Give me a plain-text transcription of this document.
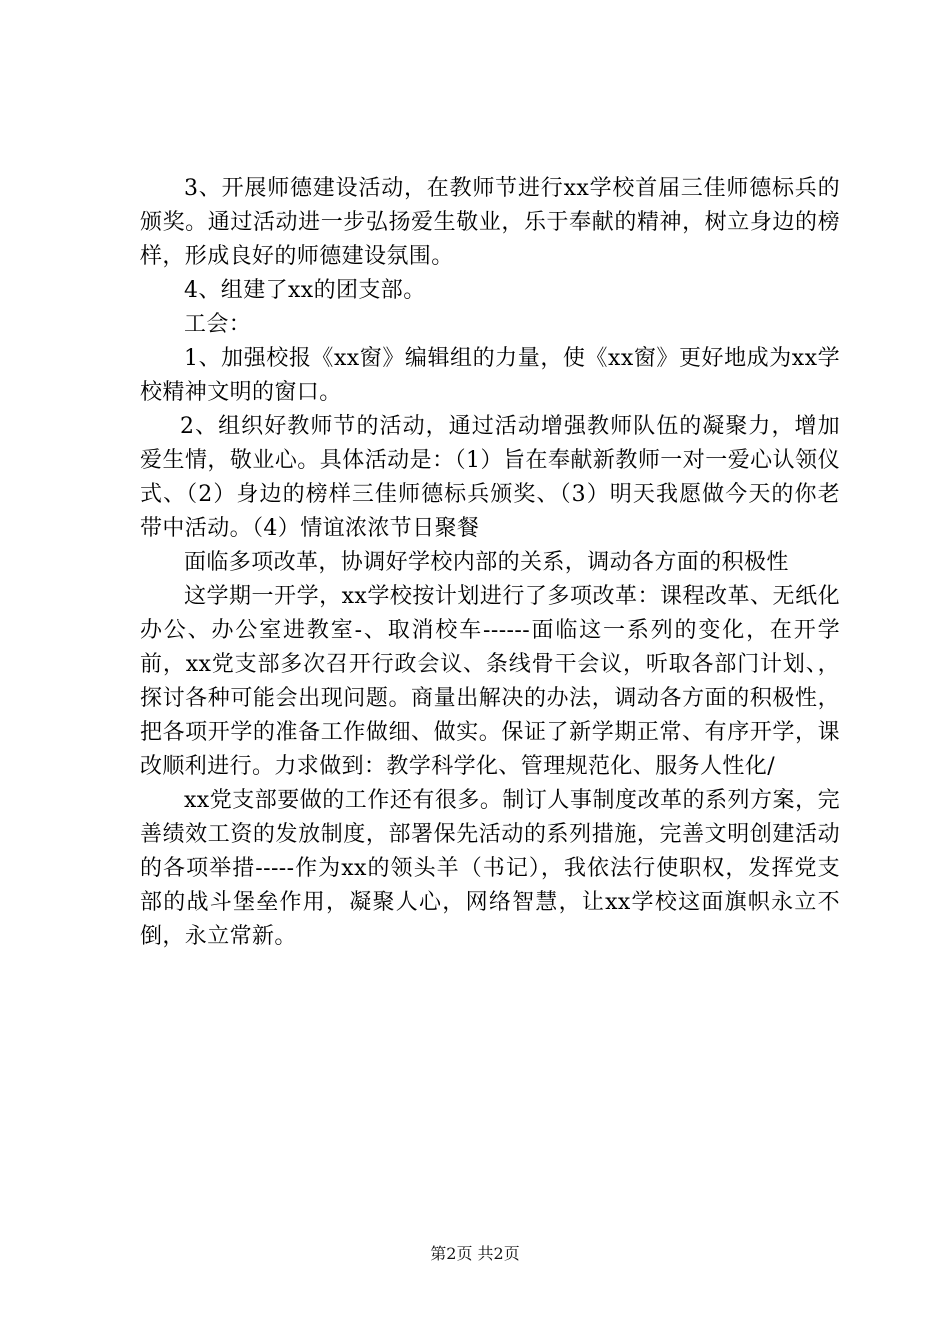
3、开展师德建设活动，在教师节进行xx学校首届三佳师德标兵的颁奖。通过活动进一步弘扬爱生敬业，乐于奉献的精神，树立身边的榜样，形成良好的师德建设氛围。

4、组建了xx的团支部。

工会：

1、加强校报《xx窗》编辑组的力量，使《xx窗》更好地成为xx学校精神文明的窗口。

2、组织好教师节的活动，通过活动增强教师队伍的凝聚力，增加爱生情，敬业心。具体活动是：（1）旨在奉献新教师一对一爱心认领仪式、（2）身边的榜样三佳师德标兵颁奖、（3）明天我愿做今天的你老带中活动。（4）情谊浓浓节日聚餐

面临多项改革，协调好学校内部的关系，调动各方面的积极性

这学期一开学，xx学校按计划进行了多项改革：课程改革、无纸化办公、办公室进教室-、取消校车------面临这一系列的变化，在开学前，xx党支部多次召开行政会议、条线骨干会议，听取各部门计划、，探讨各种可能会出现问题。商量出解决的办法，调动各方面的积极性，把各项开学的准备工作做细、做实。保证了新学期正常、有序开学，课改顺利进行。力求做到：教学科学化、管理规范化、服务人性化/

xx党支部要做的工作还有很多。制订人事制度改革的系列方案，完善绩效工资的发放制度，部署保先活动的系列措施，完善文明创建活动的各项举措-----作为xx的领头羊（书记），我依法行使职权，发挥党支部的战斗堡垒作用，凝聚人心，网络智慧，让xx学校这面旗帜永立不倒，永立常新。

第2页 共2页
